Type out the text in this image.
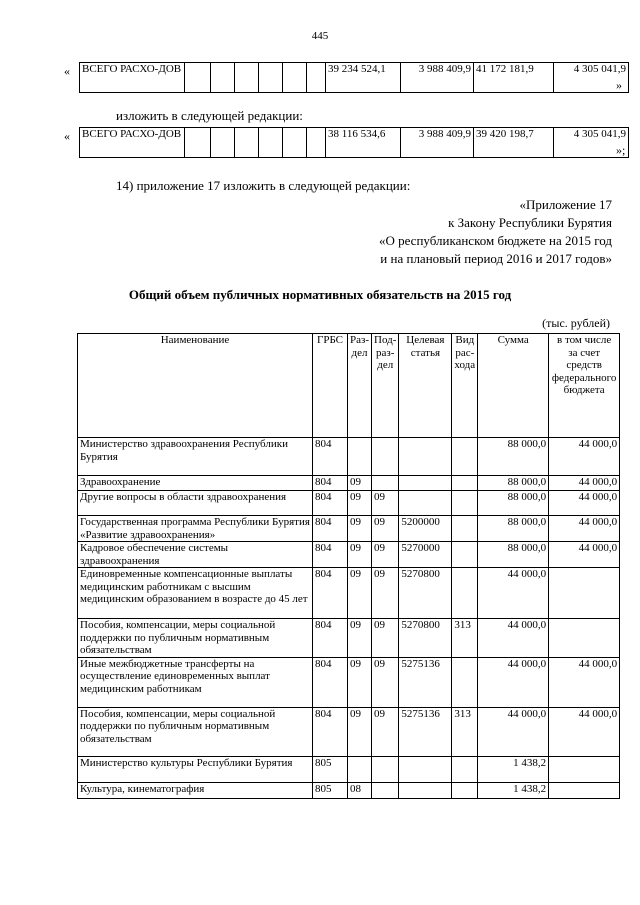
445
« ВСЕГО РАСХО-ДОВ							39 234 524,1	3 988 409,9	41 172 181,9	4 305 041,9
»
изложить в следующей редакции:
« ВСЕГО РАСХО-ДОВ							38 116 534,6	3 988 409,9	39 420 198,7	4 305 041,9
»;
14) приложение 17 изложить в следующей редакции:
«Приложение 17
к Закону Республики Бурятия
«О республиканском бюджете на 2015 год
и на плановый период 2016 и 2017 годов»
Общий объем публичных нормативных обязательств на 2015 год
(тыс. рублей)
Наименование	ГРБС	Раз-дел	Под-раз-дел	Целевая статья	Вид рас-хода	Сумма	в том числе за счет средств федерального бюджета
Министерство здравоохранения Республики Бурятия	804					88 000,0	44 000,0
Здравоохранение	804	09				88 000,0	44 000,0
Другие вопросы в области здравоохранения	804	09	09			88 000,0	44 000,0
Государственная программа Республики Бурятия «Развитие здравоохранения»	804	09	09	5200000		88 000,0	44 000,0
Кадровое обеспечение системы здравоохранения	804	09	09	5270000		88 000,0	44 000,0
Единовременные компенсационные выплаты медицинским работникам с высшим медицинским образованием в возрасте до 45 лет	804	09	09	5270800		44 000,0	
Пособия, компенсации, меры социальной поддержки по публичным нормативным обязательствам	804	09	09	5270800	313	44 000,0	
Иные межбюджетные трансферты на осуществление единовременных выплат медицинским работникам	804	09	09	5275136		44 000,0	44 000,0
Пособия, компенсации, меры социальной поддержки по публичным нормативным обязательствам	804	09	09	5275136	313	44 000,0	44 000,0
Министерство культуры Республики Бурятия	805					1 438,2	
Культура, кинематография	805	08				1 438,2	
